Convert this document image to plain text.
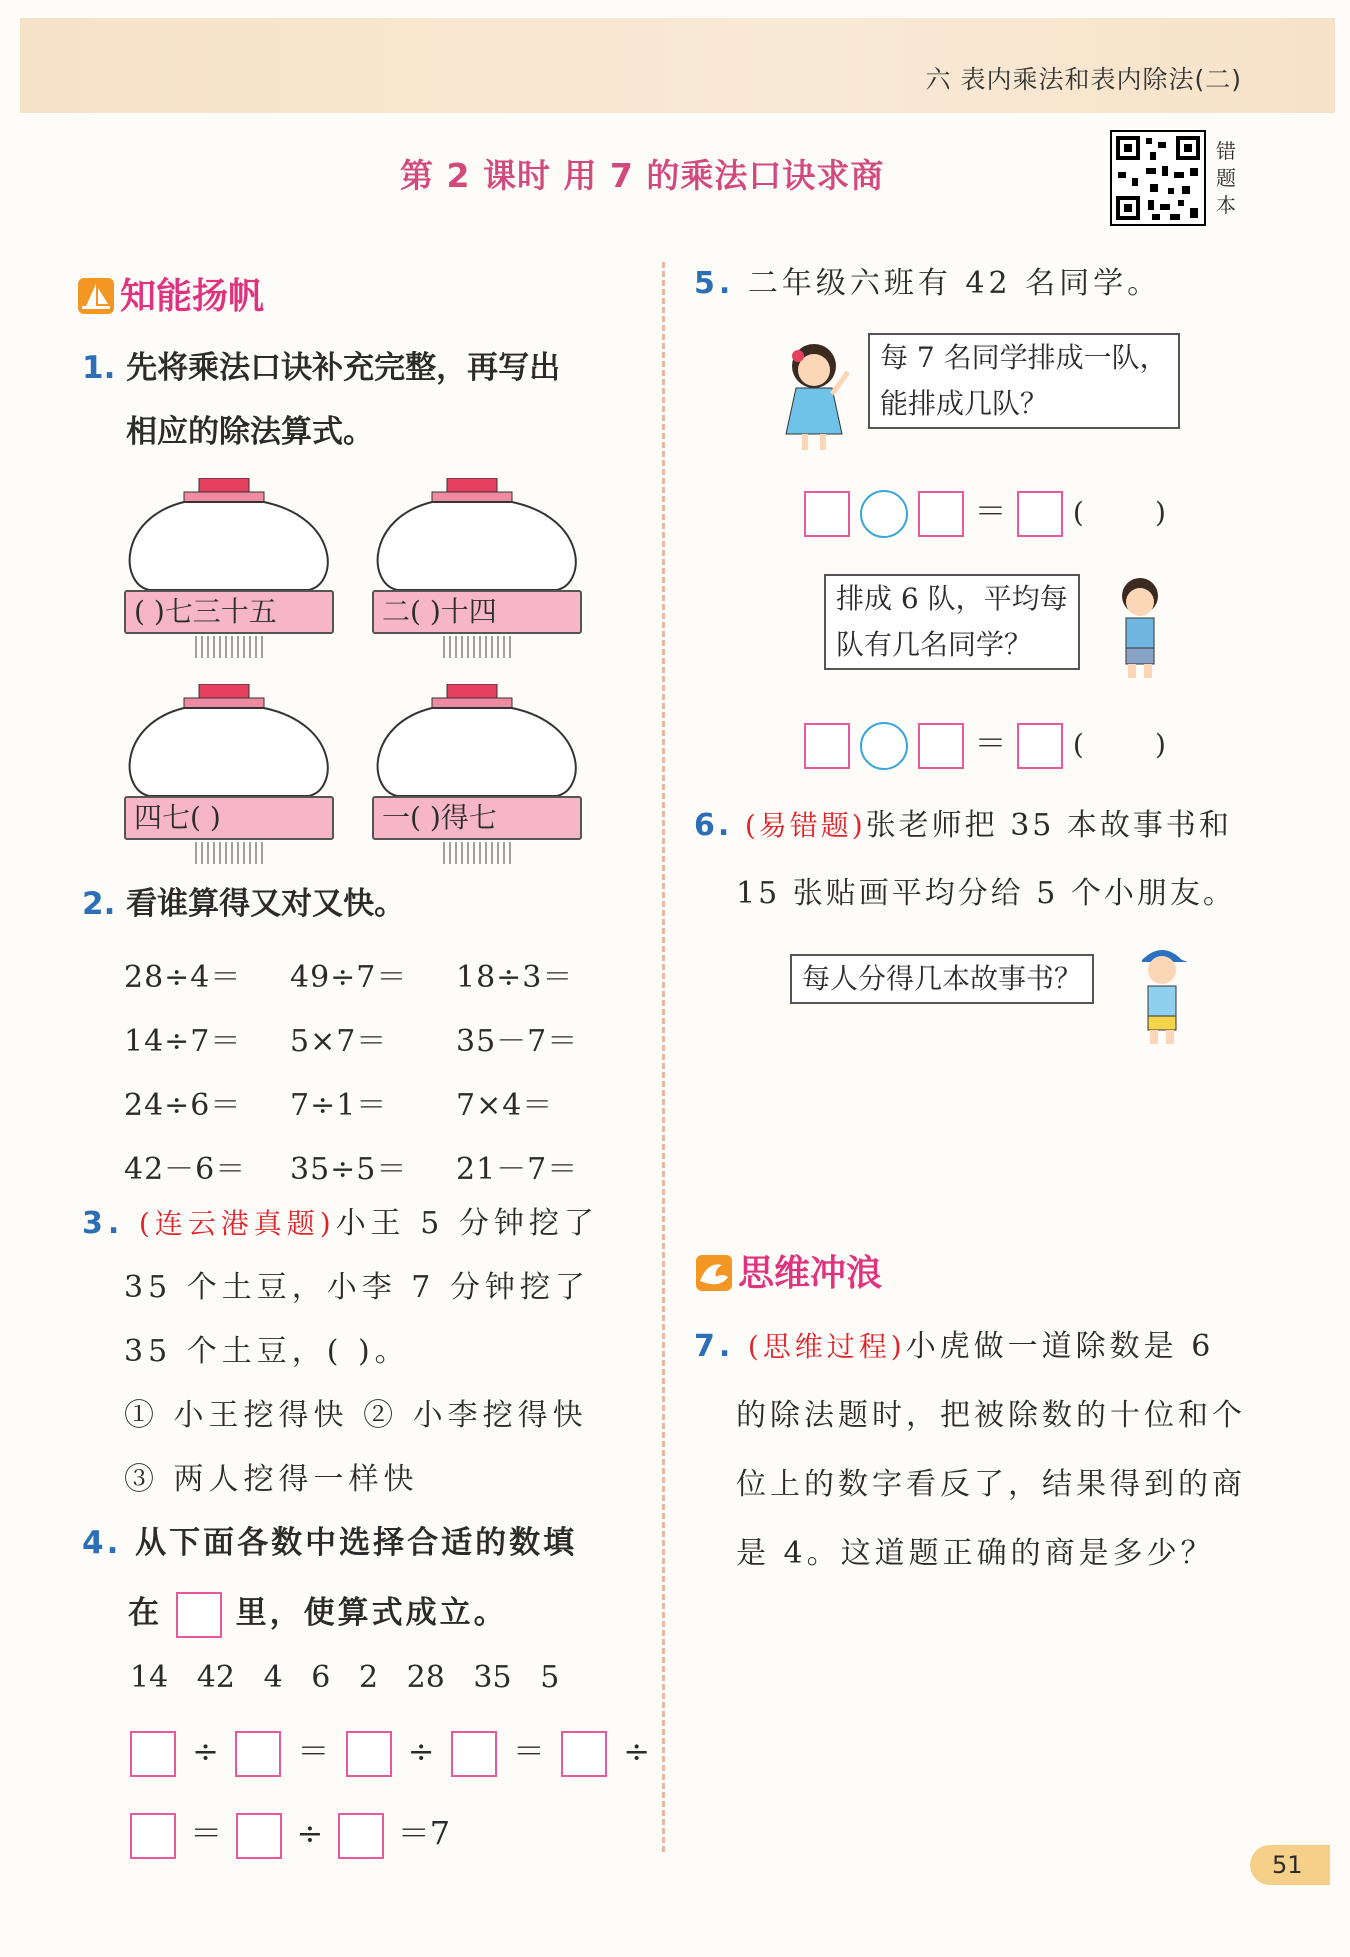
六 表内乘法和表内除法(二)
第 2 课时 用 7 的乘法口诀求商
错
题
本
知能扬帆
1. 先将乘法口诀补充完整，再写出
相应的除法算式。
( )七三十五	二( )十四
四七( )	一( )得七
2. 看谁算得又对又快。
28÷4＝ 49÷7＝ 18÷3＝
14÷7＝ 5×7＝ 35－7＝
24÷6＝ 7÷1＝ 7×4＝
42－6＝ 35÷5＝ 21－7＝
3. (连云港真题)小王 5 分钟挖了
35 个土豆，小李 7 分钟挖了
35 个土豆，( )。
① 小王挖得快 ② 小李挖得快
③ 两人挖得一样快
4. 从下面各数中选择合适的数填
在 里，使算式成立。
14   42   4   6   2   28   35   5
÷ ＝ ÷ ＝ ÷
＝ ÷ ＝7
5. 二年级六班有 42 名同学。
每 7 名同学排成一队，
能排成几队？
＝ (        )
排成 6 队，平均每
队有几名同学？
＝ (        )
6. (易错题)张老师把 35 本故事书和
15 张贴画平均分给 5 个小朋友。
每人分得几本故事书？
思维冲浪
7. (思维过程)小虎做一道除数是 6
的除法题时，把被除数的十位和个
位上的数字看反了，结果得到的商
是 4。这道题正确的商是多少？
51
